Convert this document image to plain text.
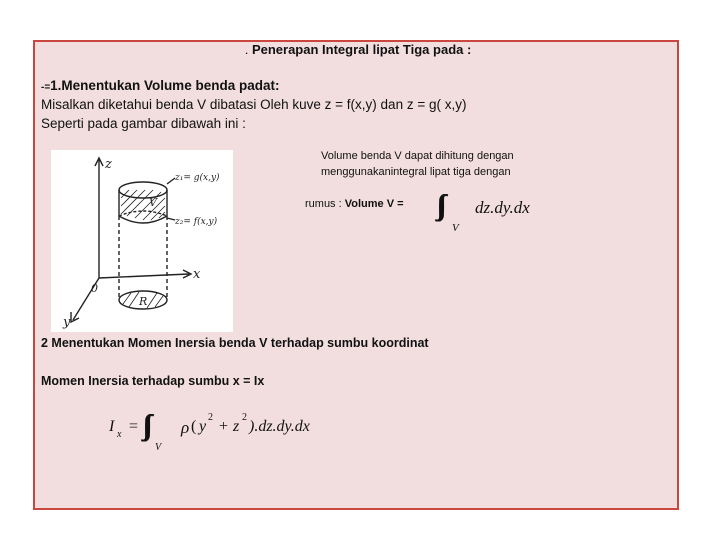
. Penerapan Integral lipat Tiga pada :
-=1.Menentukan Volume benda padat:
Misalkan diketahui benda V dibatasi Oleh kuve z = f(x,y) dan z = g( x,y)
Seperti pada gambar dibawah ini :
Volume benda V dapat dihitung dengan
menggunakanintegral lipat tiga dengan
rumus : Volume V =	dz.dy.dx
V
z
x
y
0
z₁= g(x,y)
z₂= f(x,y)
V
R
2 Menentukan Momen Inersia benda V terhadap sumbu koordinat
Momen Inersia terhadap sumbu x = Ix
I x =	ρ ( y
2
+ z
2
).dz.dy.dx
V
